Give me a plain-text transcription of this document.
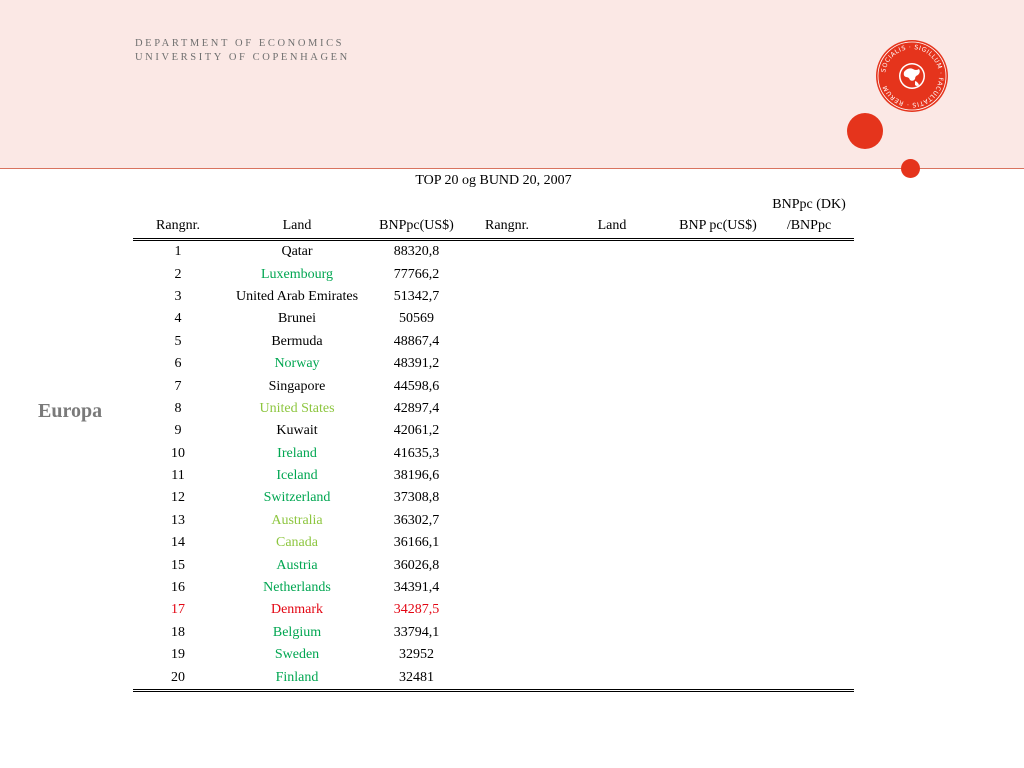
DEPARTMENT OF ECONOMICS
UNIVERSITY OF COPENHAGEN
SOCIALIS · SIGILLUM · FACULTATIS · RERUM
Europa
TOP 20 og BUND 20, 2007
Rangnr.	Land	BNPpc(US$)	Rangnr.	Land	BNP pc(US$)	BNPpc (DK)
/BNPpc

1	Qatar	88320,8				
2	Luxembourg	77766,2				
3	United Arab Emirates	51342,7				
4	Brunei	50569				
5	Bermuda	48867,4				
6	Norway	48391,2				
7	Singapore	44598,6				
8	United States	42897,4				
9	Kuwait	42061,2				
10	Ireland	41635,3				
11	Iceland	38196,6				
12	Switzerland	37308,8				
13	Australia	36302,7				
14	Canada	36166,1				
15	Austria	36026,8				
16	Netherlands	34391,4				
17	Denmark	34287,5				
18	Belgium	33794,1				
19	Sweden	32952				
20	Finland	32481				
